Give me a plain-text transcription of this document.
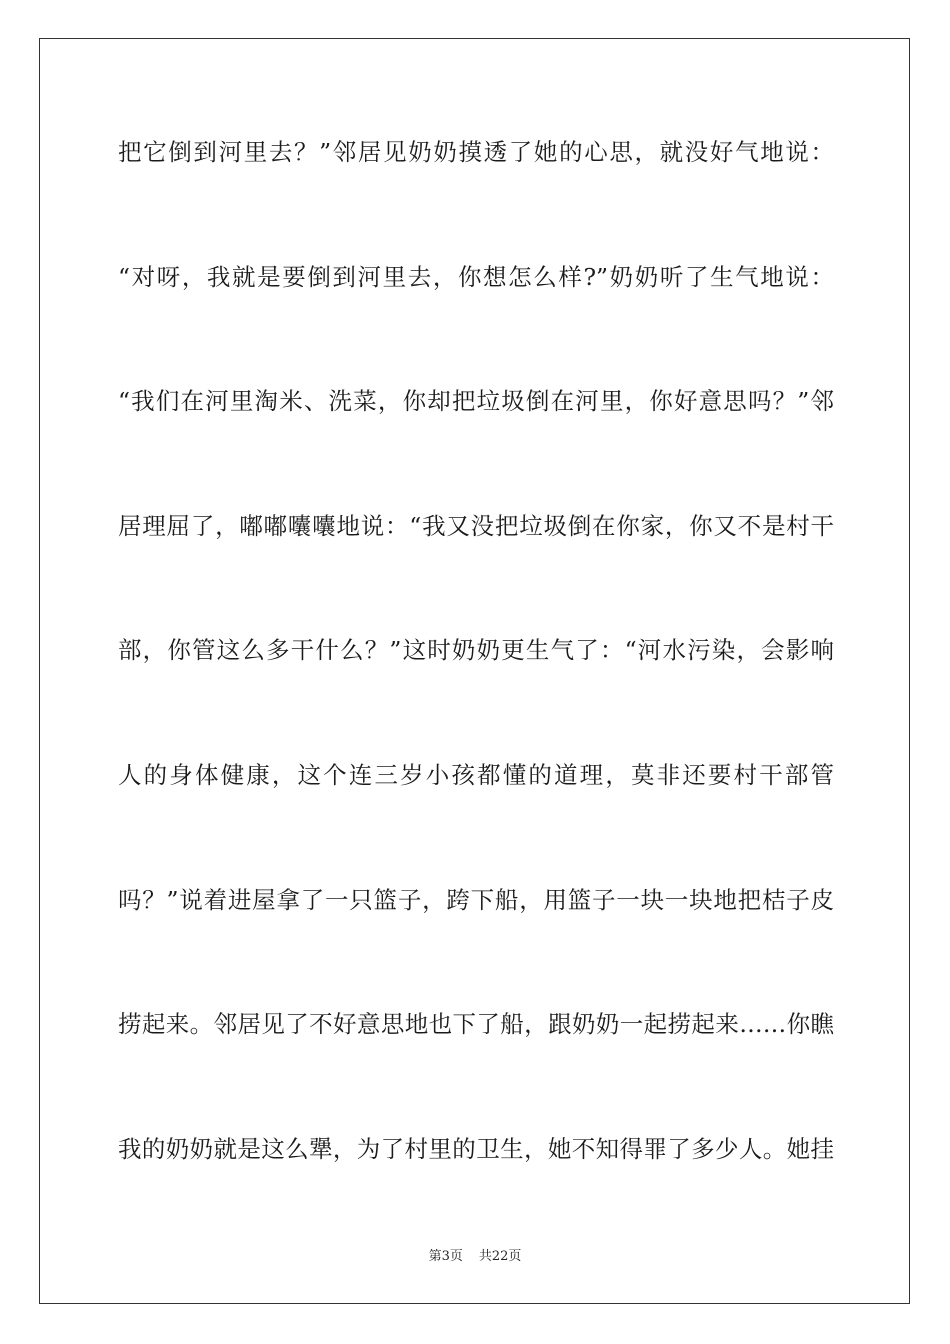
把它倒到河里去？”邻居见奶奶摸透了她的心思，就没好气地说：
“对呀，我就是要倒到河里去，你想怎么样?”奶奶听了生气地说：
“我们在河里淘米、洗菜，你却把垃圾倒在河里，你好意思吗？”邻
居理屈了，嘟嘟囔囔地说：“我又没把垃圾倒在你家，你又不是村干
部，你管这么多干什么？”这时奶奶更生气了：“河水污染，会影响
人的身体健康，这个连三岁小孩都懂的道理，莫非还要村干部管
吗？”说着进屋拿了一只篮子，跨下船，用篮子一块一块地把桔子皮
捞起来。邻居见了不好意思地也下了船，跟奶奶一起捞起来……你瞧
我的奶奶就是这么犟，为了村里的卫生，她不知得罪了多少人。她挂
第3页 共22页
